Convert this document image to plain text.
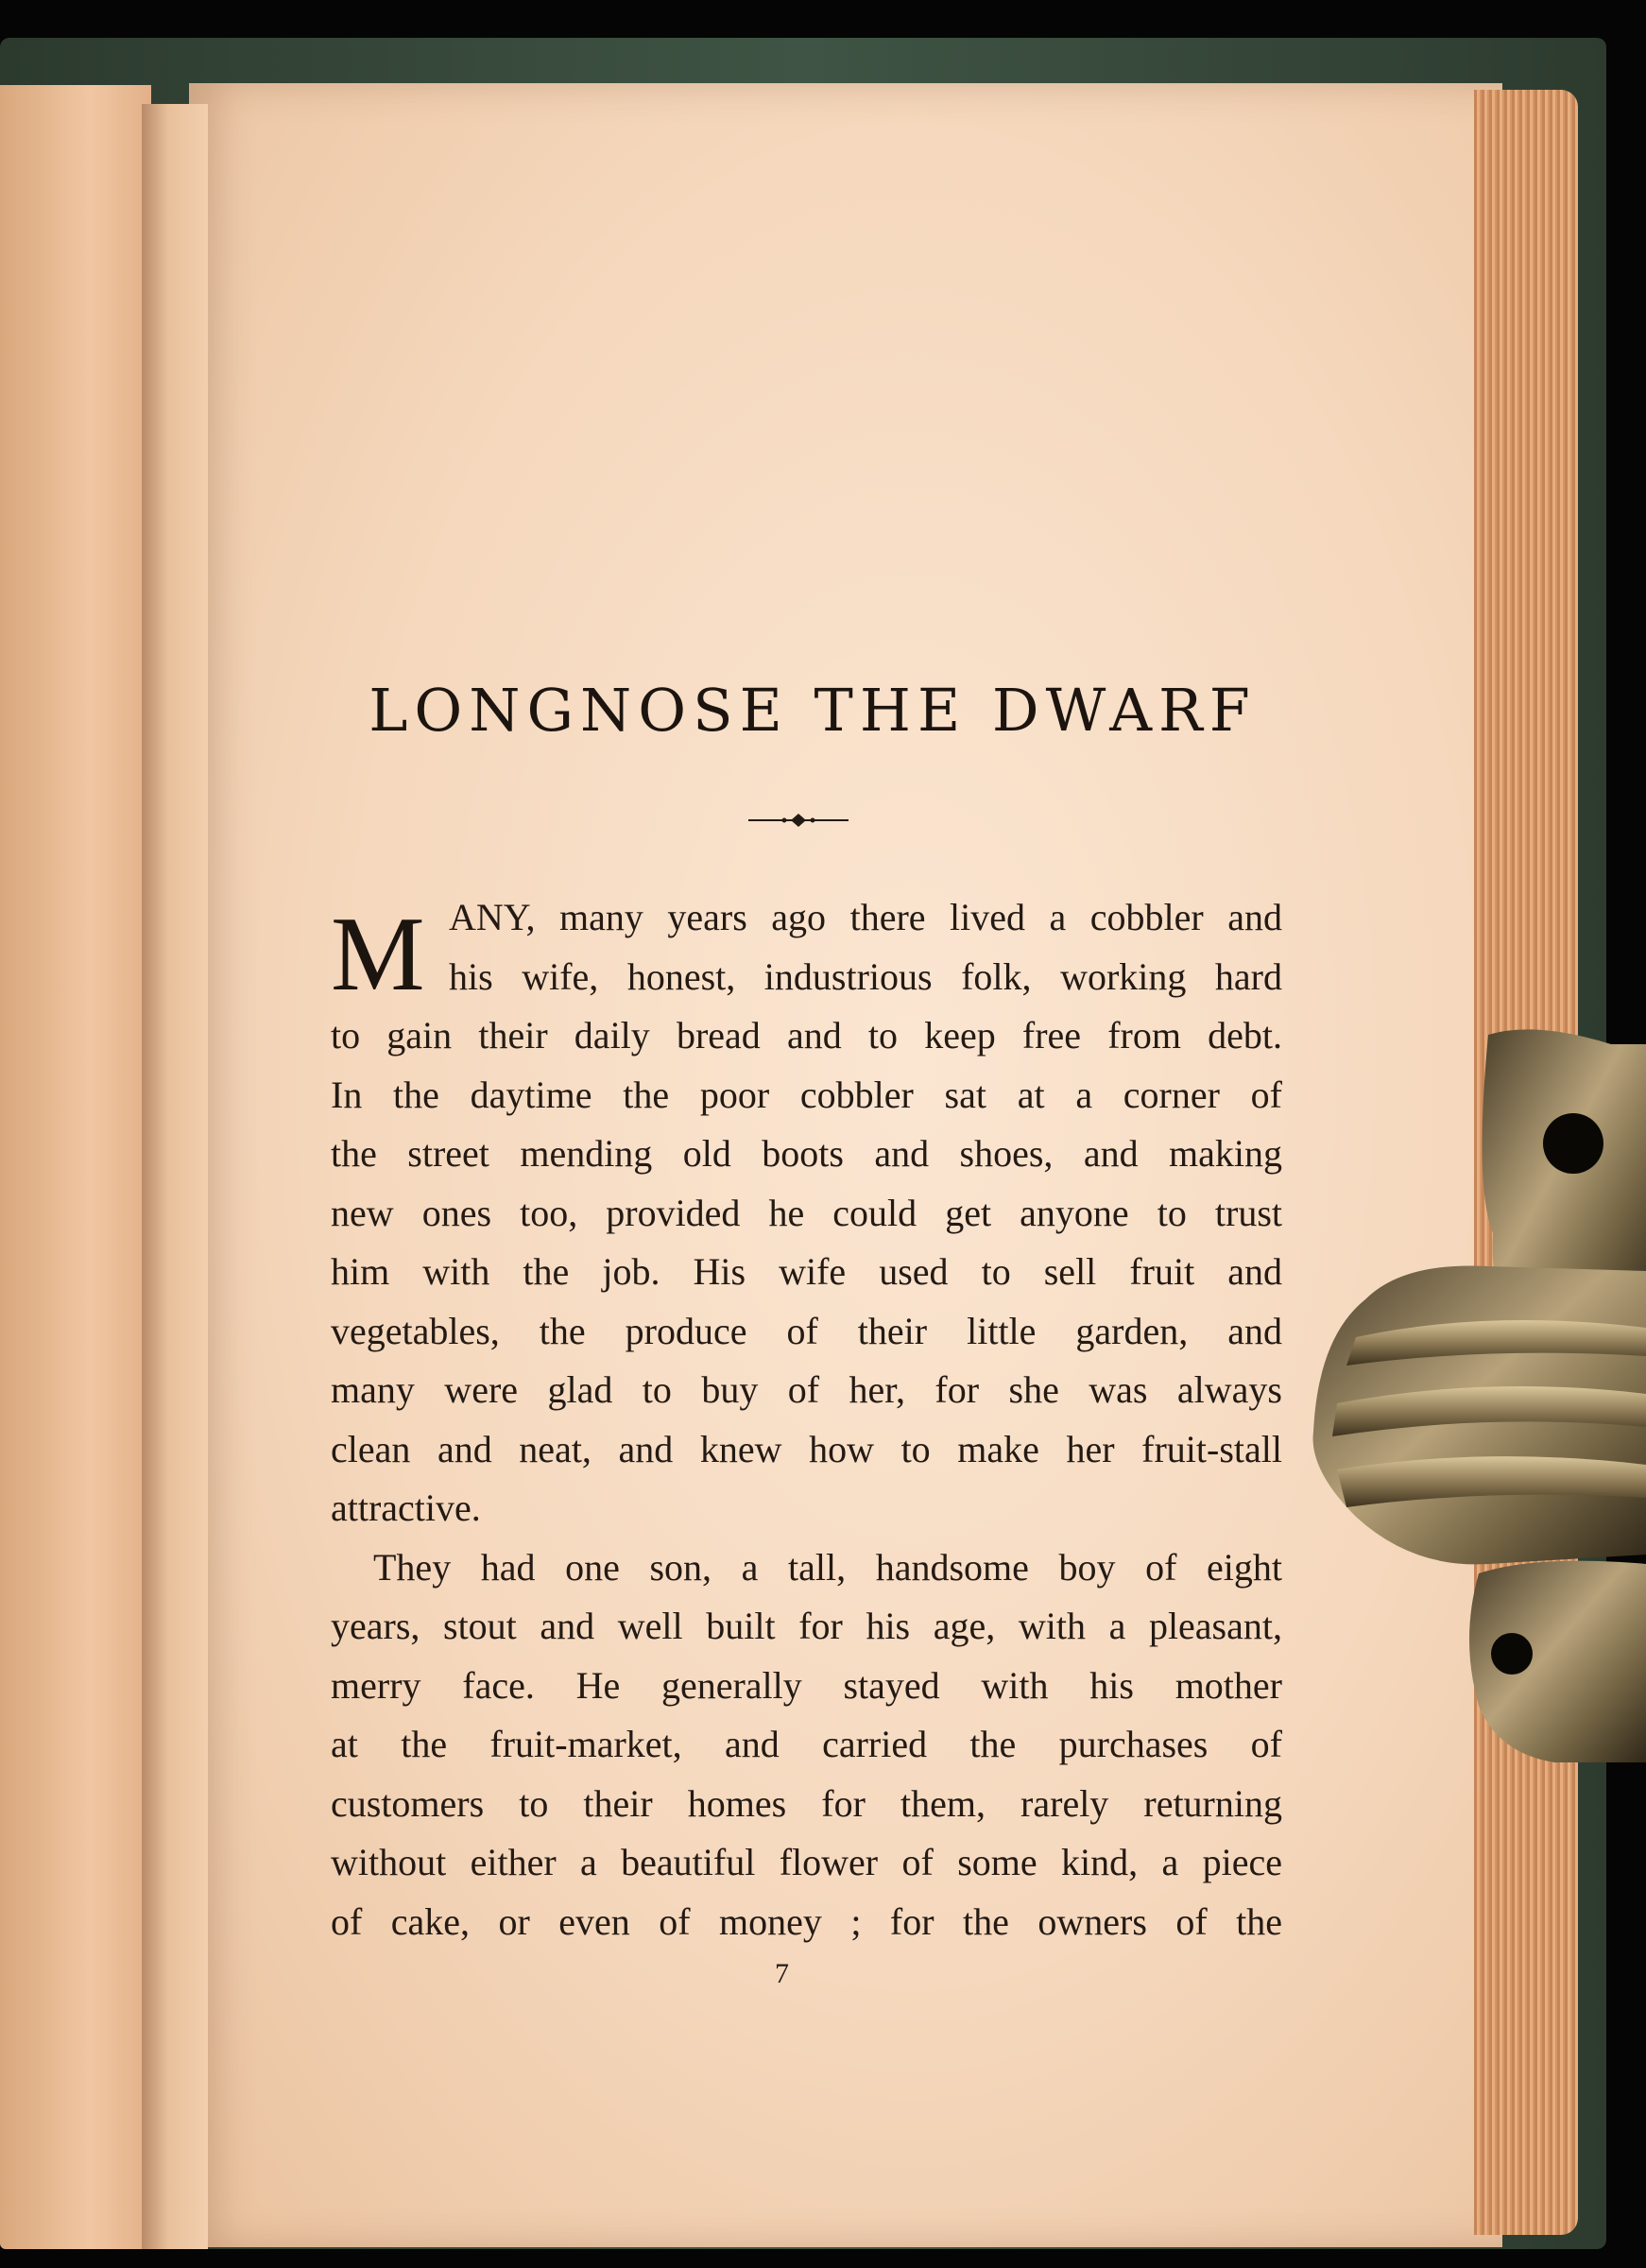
LONGNOSE THE DWARF
M ANY, many years ago there lived a cobbler and
his wife, honest, industrious folk, working hard
to gain their daily bread and to keep free from debt.
In the daytime the poor cobbler sat at a corner of
the street mending old boots and shoes, and making
new ones too, provided he could get anyone to trust
him with the job. His wife used to sell fruit and
vegetables, the produce of their little garden, and
many were glad to buy of her, for she was always
clean and neat, and knew how to make her fruit-stall
attractive.
They had one son, a tall, handsome boy of eight
years, stout and well built for his age, with a pleasant,
merry face. He generally stayed with his mother
at the fruit-market, and carried the purchases of
customers to their homes for them, rarely returning
without either a beautiful flower of some kind, a piece
of cake, or even of money ; for the owners of the
7
